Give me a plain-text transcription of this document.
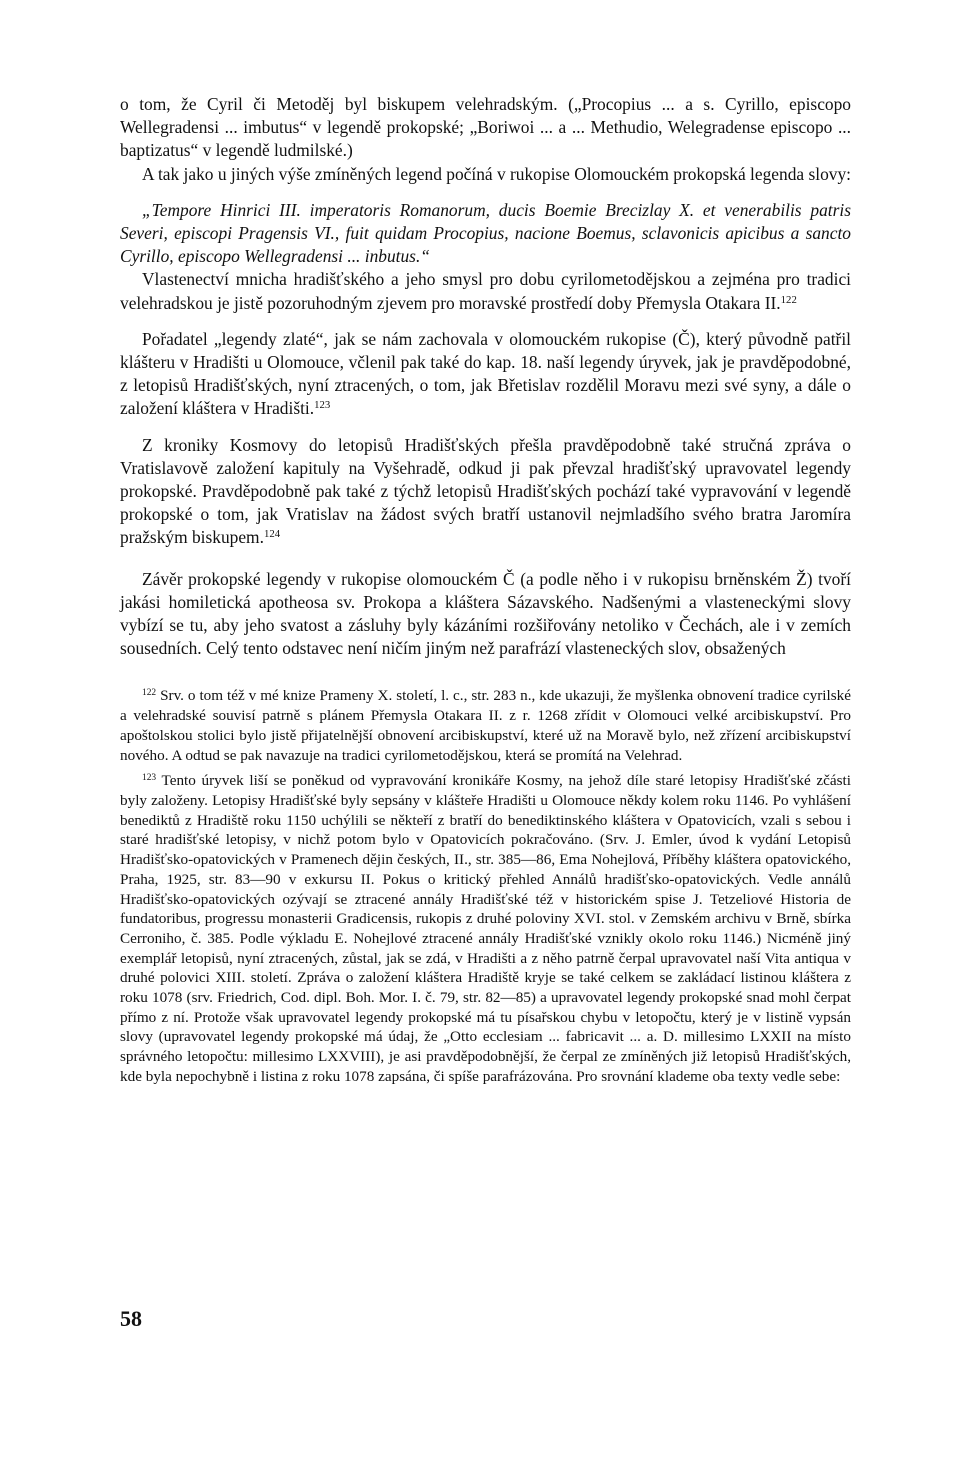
o tom, že Cyril či Metoděj byl biskupem velehradským. („Procopius ... a s. Cyrillo, episcopo Wellegradensi ... imbutus“ v legendě prokopské; „Boriwoi ... a ... Methudio, Welegradense episcopo ... baptizatus“ v legendě ludmilské.)

A tak jako u jiných výše zmíněných legend počíná v rukopise Olomouckém prokopská legenda slovy:

„Tempore Hinrici III. imperatoris Romanorum, ducis Boemie Brecizlay X. et venerabilis patris Severi, episcopi Pragensis VI., fuit quidam Procopius, nacione Boemus, sclavonicis apicibus a sancto Cyrillo, episcopo Wellegradensi ... inbutus.“

Vlastenectví mnicha hradišťského a jeho smysl pro dobu cyrilometodějskou a zejména pro tradici velehradskou je jistě pozoruhodným zjevem pro moravské prostředí doby Přemysla Otakara II.$^{122}$

Pořadatel „legendy zlaté“, jak se nám zachovala v olomouckém rukopise (Č), který původně patřil klášteru v Hradišti u Olomouce, včlenil pak také do kap. 18. naší legendy úryvek, jak je pravděpodobné, z letopisů Hradišťských, nyní ztracených, o tom, jak Břetislav rozdělil Moravu mezi své syny, a dále o založení kláštera v Hradišti.$^{123}$

Z kroniky Kosmovy do letopisů Hradišťských přešla pravděpodobně také stručná zpráva o Vratislavově založení kapituly na Vyšehradě, odkud ji pak převzal hradišťský upravovatel legendy prokopské. Pravděpodobně pak také z týchž letopisů Hradišťských pochází také vypravování v legendě prokopské o tom, jak Vratislav na žádost svých bratří ustanovil nejmladšího svého bratra Jaromíra pražským biskupem.$^{124}$

Závěr prokopské legendy v rukopise olomouckém Č (a podle něho i v rukopisu brněnském Ž) tvoří jakási homiletická apotheosa sv. Prokopa a kláštera Sázavského. Nadšenými a vlasteneckými slovy vybízí se tu, aby jeho svatost a zásluhy byly kázáními rozšiřovány netoliko v Čechách, ale i v zemích sousedních. Celý tento odstavec není ničím jiným než parafrází vlasteneckých slov, obsažených

$^{122}$ Srv. o tom též v mé knize Prameny X. století, l. c., str. 283 n., kde ukazuji, že myšlenka obnovení tradice cyrilské a velehradské souvisí patrně s plánem Přemysla Otakara II. z r. 1268 zřídit v Olomouci velké arcibiskupství. Pro apoštolskou stolici bylo jistě přijatelnější obnovení arcibiskupství, které už na Moravě bylo, než zřízení arcibiskupství nového. A odtud se pak navazuje na tradici cyrilometodějskou, která se promítá na Velehrad.

$^{123}$ Tento úryvek liší se poněkud od vypravování kronikáře Kosmy, na jehož díle staré letopisy Hradišťské zčásti byly založeny. Letopisy Hradišťské byly sepsány v klášteře Hradišti u Olomouce někdy kolem roku 1146. Po vyhlášení benediktů z Hradiště roku 1150 uchýlili se někteří z bratří do benediktinského kláštera v Opatovicích, vzali s sebou i staré hradišťské letopisy, v nichž potom bylo v Opatovicích pokračováno. (Srv. J. Emler, úvod k vydání Letopisů Hradišťsko-opatovických v Pramenech dějin českých, II., str. 385—86, Ema Nohejlová, Příběhy kláštera opatovického, Praha, 1925, str. 83—90 v exkursu II. Pokus o kritický přehled Annálů hradišťsko-opatovických. Vedle annálů Hradišťsko-opatovických ozývají se ztracené annály Hradišťské též v historickém spise J. Tetzeliové Historia de fundatoribus, progressu monasterii Gradicensis, rukopis z druhé poloviny XVI. stol. v Zemském archivu v Brně, sbírka Cerroniho, č. 385. Podle výkladu E. Nohejlové ztracené annály Hradišťské vznikly okolo roku 1146.) Nicméně jiný exemplář letopisů, nyní ztracených, zůstal, jak se zdá, v Hradišti a z něho patrně čerpal upravovatel naší Vita antiqua v druhé polovici XIII. století. Zpráva o založení kláštera Hradiště kryje se také celkem se zakládací listinou kláštera z roku 1078 (srv. Friedrich, Cod. dipl. Boh. Mor. I. č. 79, str. 82—85) a upravovatel legendy prokopské snad mohl čerpat přímo z ní. Protože však upravovatel legendy prokopské má tu písařskou chybu v letopočtu, který je v listině vypsán slovy (upravovatel legendy prokopské má údaj, že „Otto ecclesiam ... fabricavit ... a. D. millesimo LXXII na místo správného letopočtu: millesimo LXXVIII), je asi pravděpodobnější, že čerpal ze zmíněných již letopisů Hradišťských, kde byla nepochybně i listina z roku 1078 zapsána, či spíše parafrázována. Pro srovnání klademe oba texty vedle sebe:

58
